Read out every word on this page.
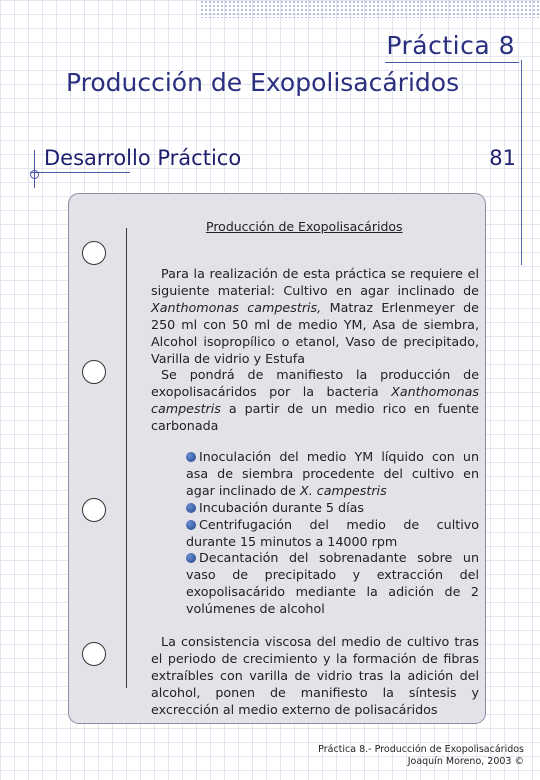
Práctica 8
Producción de Exopolisacáridos
Desarrollo Práctico	81
Producción de Exopolisacáridos
Para la realización de esta práctica se requiere el siguiente material: Cultivo en agar inclinado de Xanthomonas campestris, Matraz Erlenmeyer de 250 ml con 50 ml de medio YM, Asa de siembra, Alcohol isopropílico o etanol, Vaso de precipitado, Varilla de vidrio y Estufa
Se pondrá de manifiesto la producción de exopolisacáridos por la bacteria Xanthomonas campestris a partir de un medio rico en fuente carbonada
Inoculación del medio YM líquido con un asa de siembra procedente del cultivo en agar inclinado de X. campestris
Incubación durante 5 días
Centrifugación del medio de cultivo durante 15 minutos a 14000 rpm
Decantación del sobrenadante sobre un vaso de precipitado y extracción del exopolisacárido mediante la adición de 2 volúmenes de alcohol
La consistencia viscosa del medio de cultivo tras el periodo de crecimiento y la formación de fibras extraíbles con varilla de vidrio tras la adición del alcohol, ponen de manifiesto la síntesis y excrección al medio externo de polisacáridos
Práctica 8.- Producción de Exopolisacáridos
Joaquín Moreno, 2003 ©
